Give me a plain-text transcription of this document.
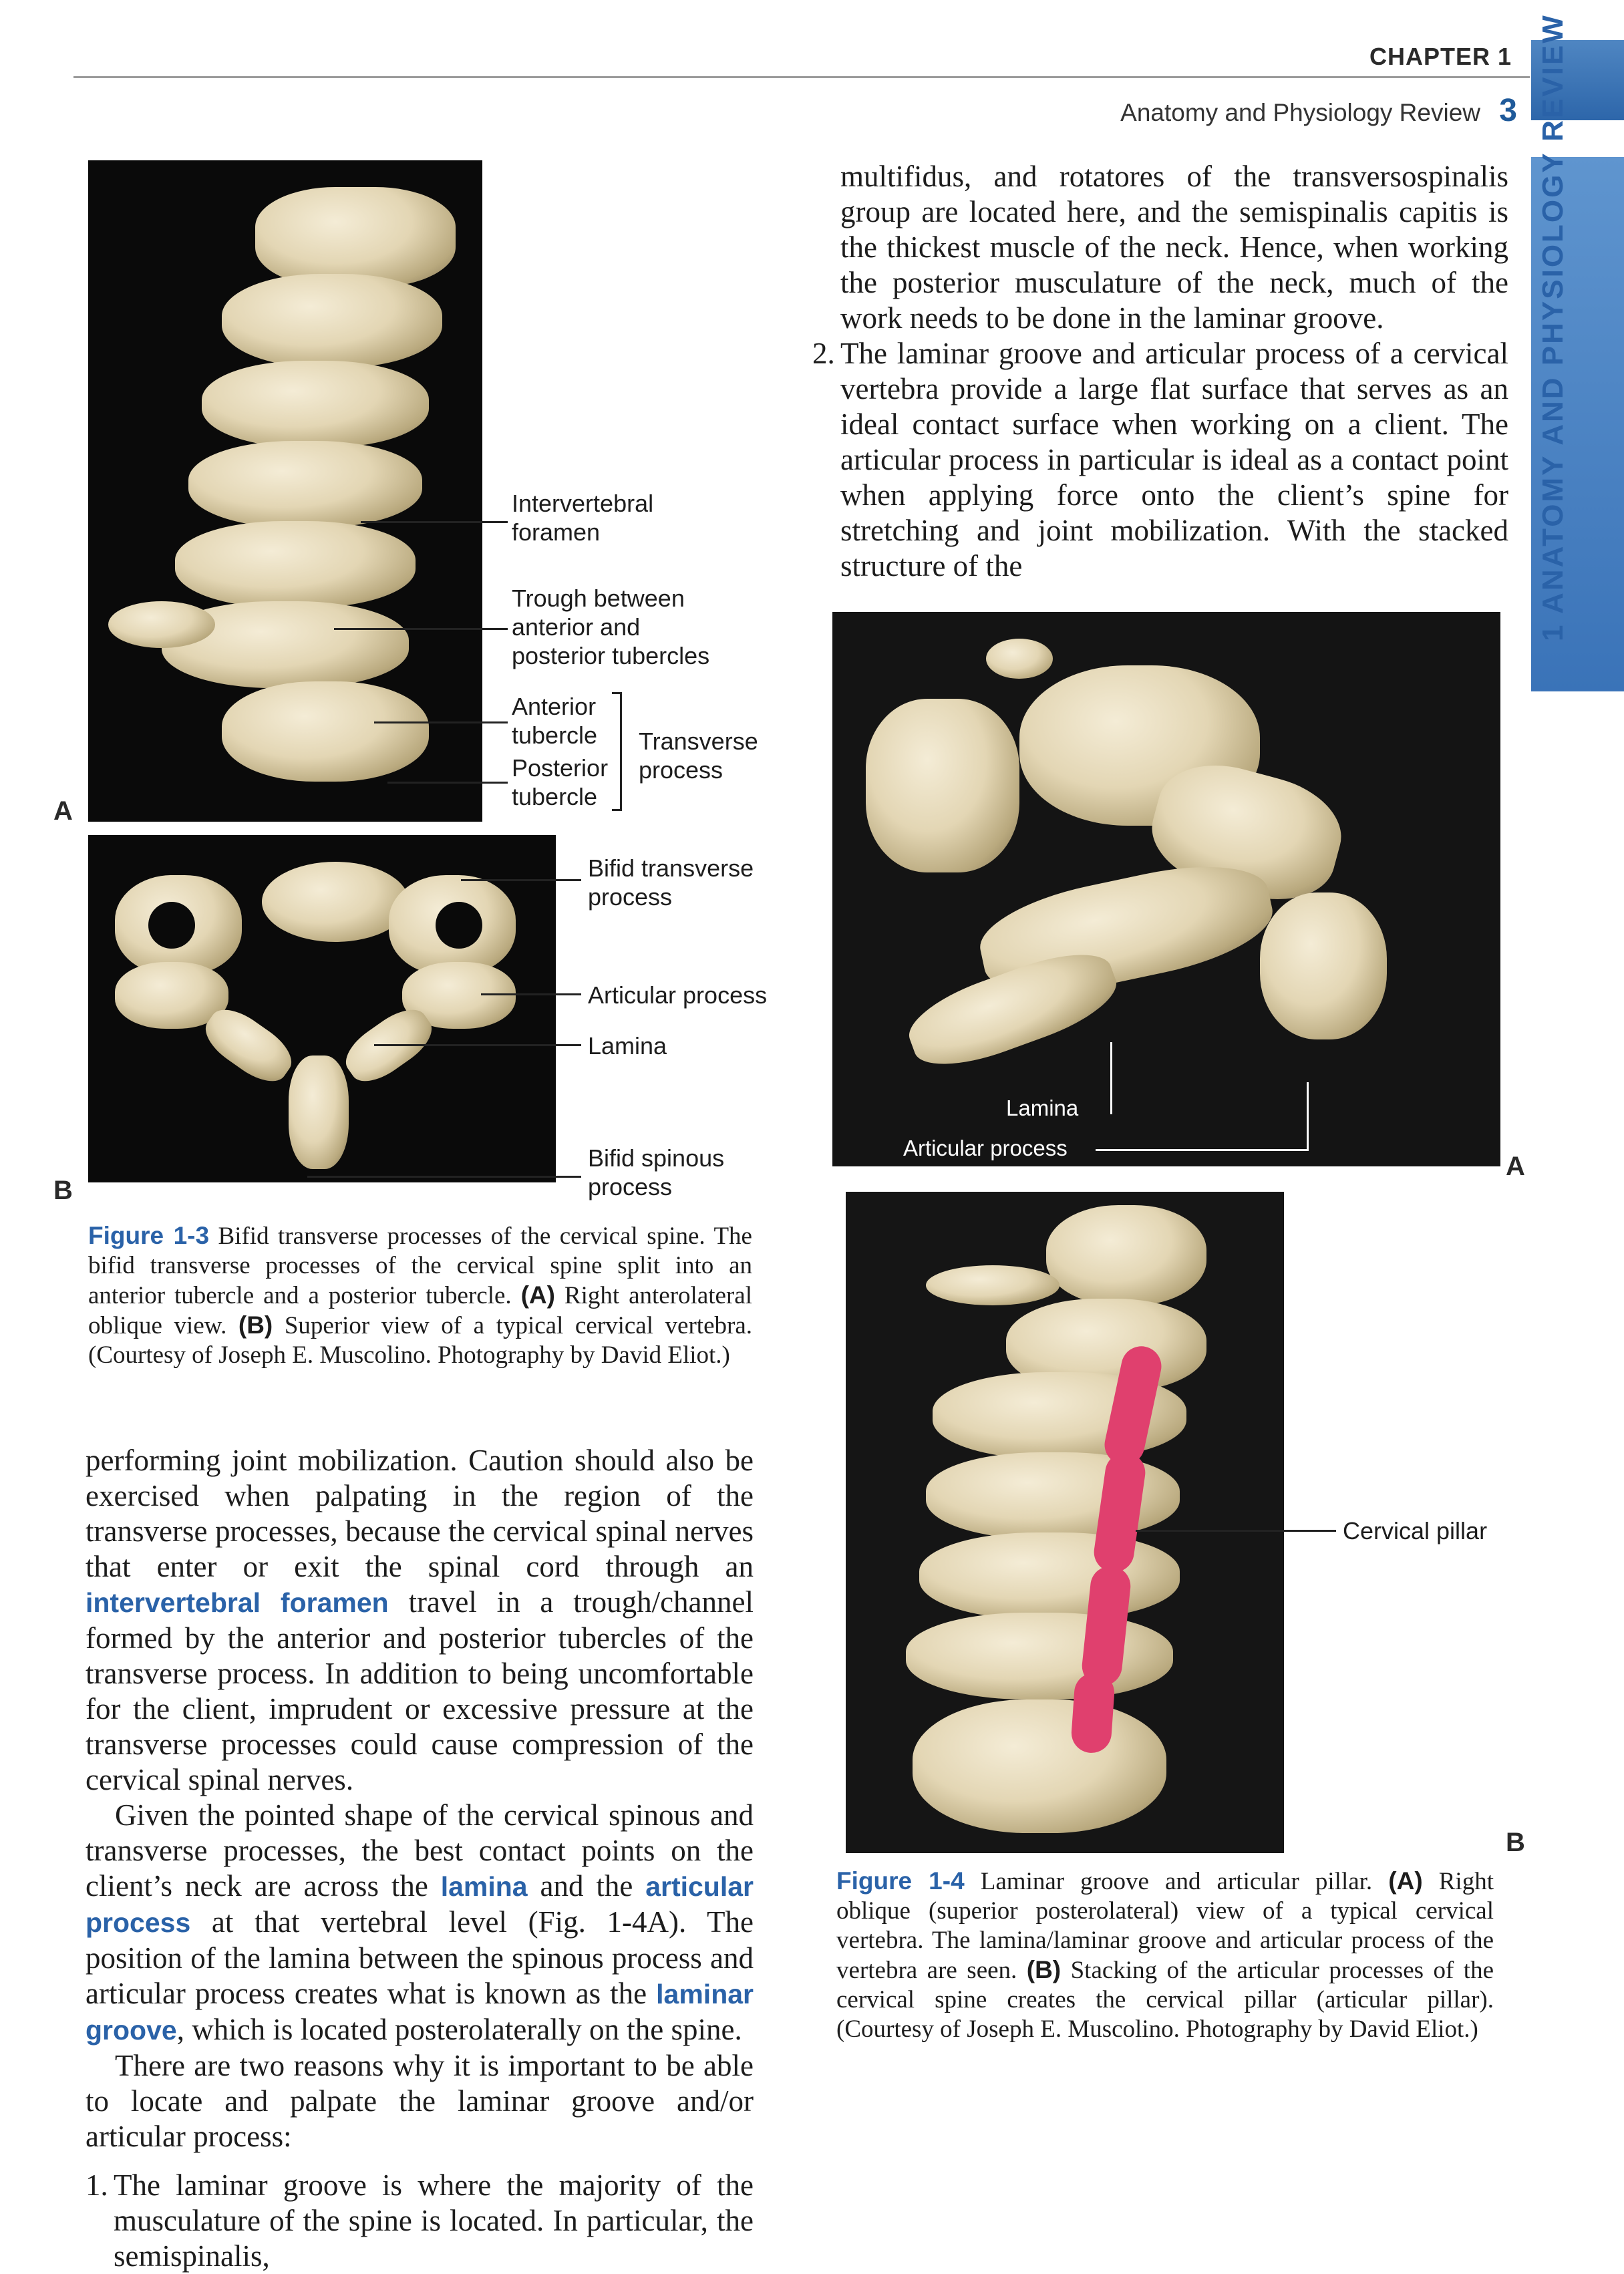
CHAPTER 1
Anatomy and Physiology Review 3 1 ANATOMY AND PHYSIOLOGY REVIEW
A
Intervertebral
foramen
Trough between
anterior and
posterior tubercles
Anterior
tubercle
Posterior
tubercle
Transverse
process
B
Bifid transverse
process
Articular process
Lamina
Bifid spinous
process
Figure 1-3 Bifid transverse processes of the cervical spine. The bifid transverse processes of the cervical spine split into an anterior tubercle and a posterior tubercle. (A) Right anterolateral oblique view. (B) Superior view of a typical cervical vertebra. (Courtesy of Joseph E. Muscolino. Photography by David Eliot.)

performing joint mobilization. Caution should also be exercised when palpating in the region of the transverse processes, because the cervical spinal nerves that enter or exit the spinal cord through an intervertebral foramen travel in a trough/channel formed by the anterior and posterior tubercles of the transverse process. In addition to being uncomfortable for the client, imprudent or excessive pressure at the transverse processes could cause compression of the cervical spinal nerves.

Given the pointed shape of the cervical spinous and transverse processes, the best contact points on the client’s neck are across the lamina and the articular process at that vertebral level (Fig. 1-4A). The position of the lamina between the spinous process and articular process creates what is known as the laminar groove, which is located posterolaterally on the spine.

There are two reasons why it is important to be able to locate and palpate the laminar groove and/or articular process:

1. The laminar groove is where the majority of the musculature of the spine is located. In particular, the semispinalis,

multifidus, and rotatores of the transversospinalis group are located here, and the semispinalis capitis is the thickest muscle of the neck. Hence, when working the posterior musculature of the neck, much of the work needs to be done in the laminar groove.

2. The laminar groove and articular process of a cervical vertebra provide a large flat surface that serves as an ideal contact surface when working on a client. The articular process in particular is ideal as a contact point when applying force onto the client’s spine for stretching and joint mobilization. With the stacked structure of the
Lamina
Articular process
A
Cervical pillar
B
Figure 1-4 Laminar groove and articular pillar. (A) Right oblique (superior posterolateral) view of a typical cervical vertebra. The lamina/laminar groove and articular process of the vertebra are seen. (B) Stacking of the articular processes of the cervical spine creates the cervical pillar (articular pillar). (Courtesy of Joseph E. Muscolino. Photography by David Eliot.)
